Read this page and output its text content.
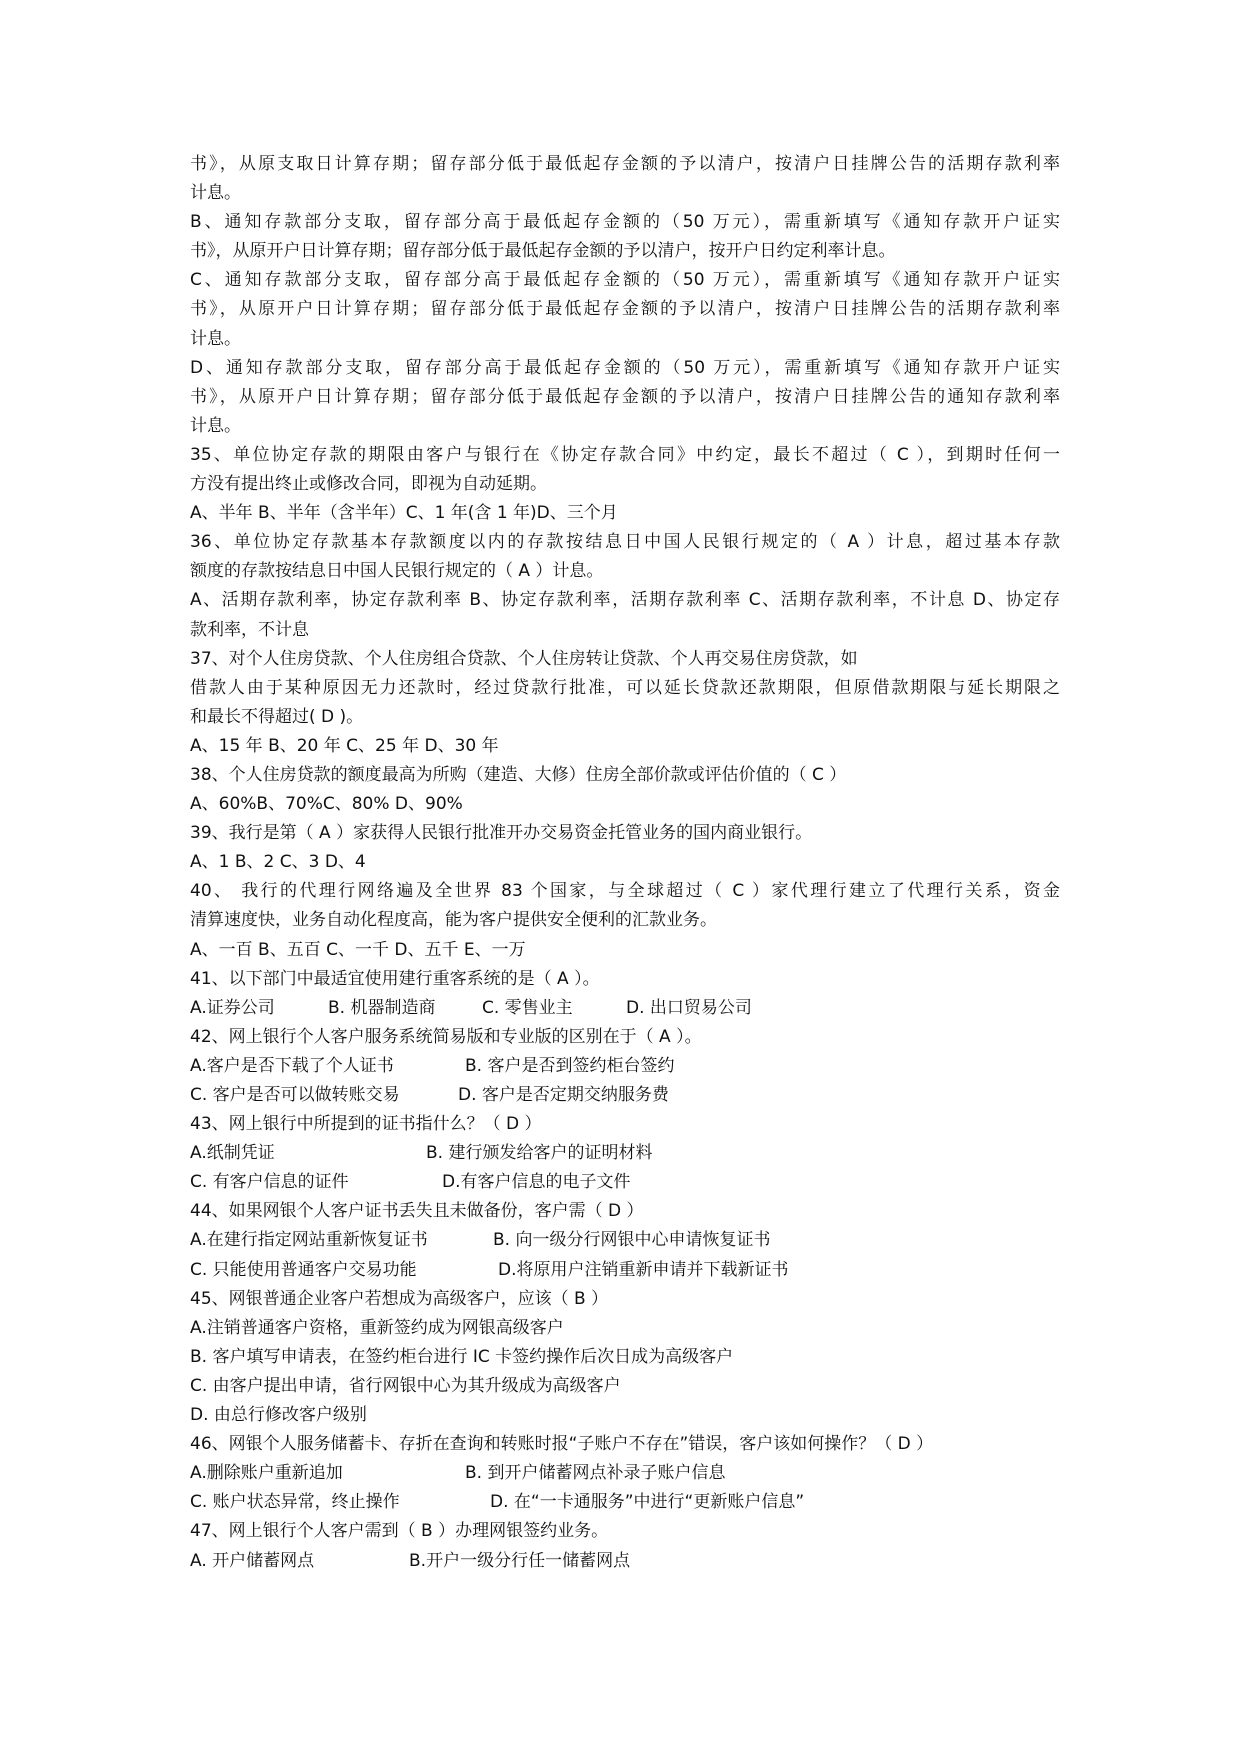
书》，从原支取日计算存期；留存部分低于最低起存金额的予以清户，按清户日挂牌公告的活期存款利率
计息。
B、通知存款部分支取，留存部分高于最低起存金额的（50 万元），需重新填写《通知存款开户证实
书》，从原开户日计算存期；留存部分低于最低起存金额的予以清户，按开户日约定利率计息。
C、通知存款部分支取，留存部分高于最低起存金额的（50 万元），需重新填写《通知存款开户证实
书》，从原开户日计算存期；留存部分低于最低起存金额的予以清户，按清户日挂牌公告的活期存款利率
计息。
D、通知存款部分支取，留存部分高于最低起存金额的（50 万元），需重新填写《通知存款开户证实
书》，从原开户日计算存期；留存部分低于最低起存金额的予以清户，按清户日挂牌公告的通知存款利率
计息。
35、单位协定存款的期限由客户与银行在《协定存款合同》中约定，最长不超过（ C ），到期时任何一
方没有提出终止或修改合同，即视为自动延期。
A、半年 B、半年（含半年）C、1 年(含 1 年)D、三个月
36、单位协定存款基本存款额度以内的存款按结息日中国人民银行规定的（ A ）计息，超过基本存款
额度的存款按结息日中国人民银行规定的（ A ）计息。
A、活期存款利率，协定存款利率 B、协定存款利率，活期存款利率 C、活期存款利率，不计息 D、协定存
款利率，不计息
37、对个人住房贷款、个人住房组合贷款、个人住房转让贷款、个人再交易住房贷款，如
借款人由于某种原因无力还款时，经过贷款行批准，可以延长贷款还款期限，但原借款期限与延长期限之
和最长不得超过( D )。
A、15 年 B、20 年 C、25 年 D、30 年
38、个人住房贷款的额度最高为所购（建造、大修）住房全部价款或评估价值的（ C ）
A、60%B、70%C、80% D、90%
39、我行是第（ A ）家获得人民银行批准开办交易资金托管业务的国内商业银行。
A、1 B、2 C、3 D、4
40、 我行的代理行网络遍及全世界 83 个国家，与全球超过（ C ）家代理行建立了代理行关系，资金
清算速度快，业务自动化程度高，能为客户提供安全便利的汇款业务。
A、一百 B、五百 C、一千 D、五千 E、一万
41、以下部门中最适宜使用建行重客系统的是（ A ）。
A.证券公司	B. 机器制造商	C. 零售业主	D. 出口贸易公司
42、网上银行个人客户服务系统简易版和专业版的区别在于（ A ）。
A.客户是否下载了个人证书	B. 客户是否到签约柜台签约
C. 客户是否可以做转账交易	D. 客户是否定期交纳服务费
43、网上银行中所提到的证书指什么？（ D ）
A.纸制凭证	B. 建行颁发给客户的证明材料
C. 有客户信息的证件	D.有客户信息的电子文件
44、如果网银个人客户证书丢失且未做备份，客户需（ D ）
A.在建行指定网站重新恢复证书	B. 向一级分行网银中心申请恢复证书
C. 只能使用普通客户交易功能	D.将原用户注销重新申请并下载新证书
45、网银普通企业客户若想成为高级客户，应该（ B ）
A.注销普通客户资格，重新签约成为网银高级客户
B. 客户填写申请表，在签约柜台进行 IC 卡签约操作后次日成为高级客户
C. 由客户提出申请，省行网银中心为其升级成为高级客户
D. 由总行修改客户级别
46、网银个人服务储蓄卡、存折在查询和转账时报“子账户不存在”错误，客户该如何操作？（ D ）
A.删除账户重新追加	B. 到开户储蓄网点补录子账户信息
C. 账户状态异常，终止操作	D. 在“一卡通服务”中进行“更新账户信息”
47、网上银行个人客户需到（ B ）办理网银签约业务。
A. 开户储蓄网点	B.开户一级分行任一储蓄网点
